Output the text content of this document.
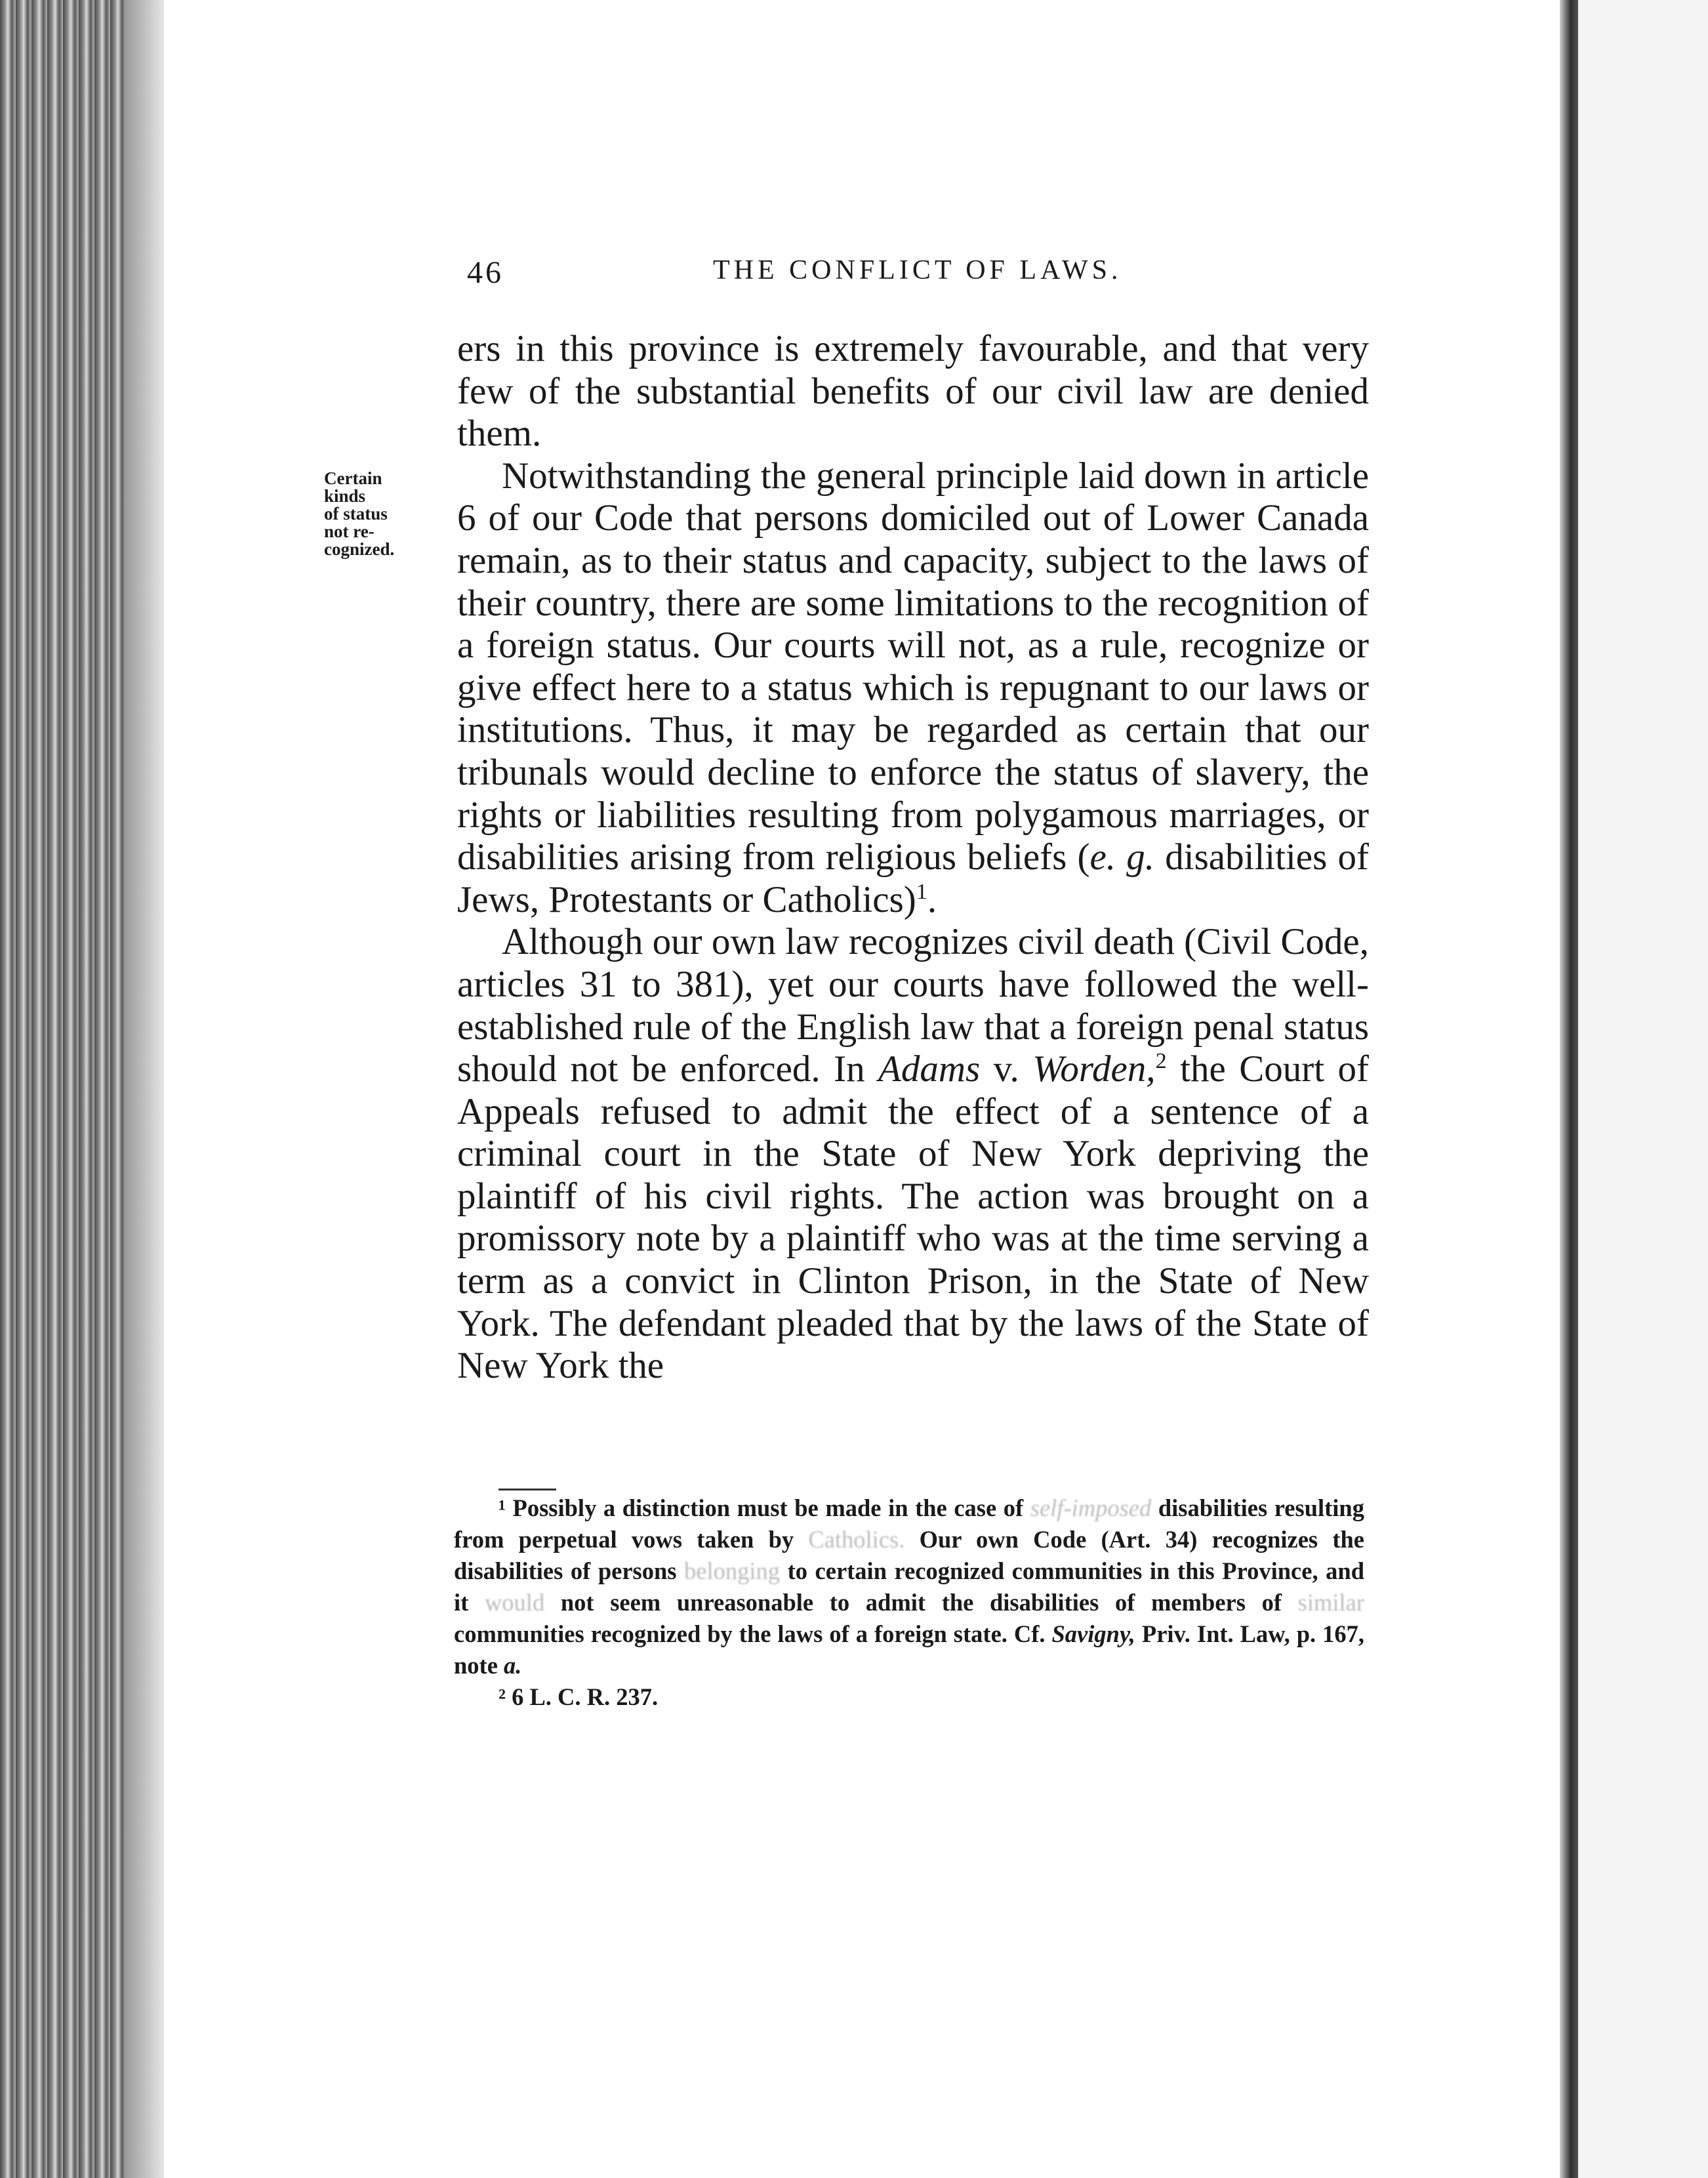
46	THE CONFLICT OF LAWS.
Certain
kinds
of status
not re-
cognized.

ers in this province is extremely favourable, and that very few of the substantial benefits of our civil law are denied them.

Notwithstanding the general principle laid down in article 6 of our Code that persons domiciled out of Lower Canada remain, as to their status and capacity, subject to the laws of their country, there are some limitations to the recognition of a foreign status. Our courts will not, as a rule, recognize or give effect here to a status which is repugnant to our laws or institutions. Thus, it may be regarded as certain that our tribunals would decline to enforce the status of slavery, the rights or liabilities resulting from polygamous marriages, or disabilities arising from religious beliefs (e. g. disabilities of Jews, Protestants or Catholics)$^1$.

Although our own law recognizes civil death (Civil Code, articles 31 to 381), yet our courts have followed the well-established rule of the English law that a foreign penal status should not be enforced. In Adams v. Worden,$^2$ the Court of Appeals refused to admit the effect of a sentence of a criminal court in the State of New York depriving the plaintiff of his civil rights. The action was brought on a promissory note by a plaintiff who was at the time serving a term as a convict in Clinton Prison, in the State of New York. The defendant pleaded that by the laws of the State of New York the

¹ Possibly a distinction must be made in the case of self-imposed disabilities resulting from perpetual vows taken by Catholics. Our own Code (Art. 34) recognizes the disabilities of persons belonging to certain recognized communities in this Province, and it would not seem unreasonable to admit the disabilities of members of similar communities recognized by the laws of a foreign state. Cf. Savigny, Priv. Int. Law, p. 167, note a.

² 6 L. C. R. 237.
